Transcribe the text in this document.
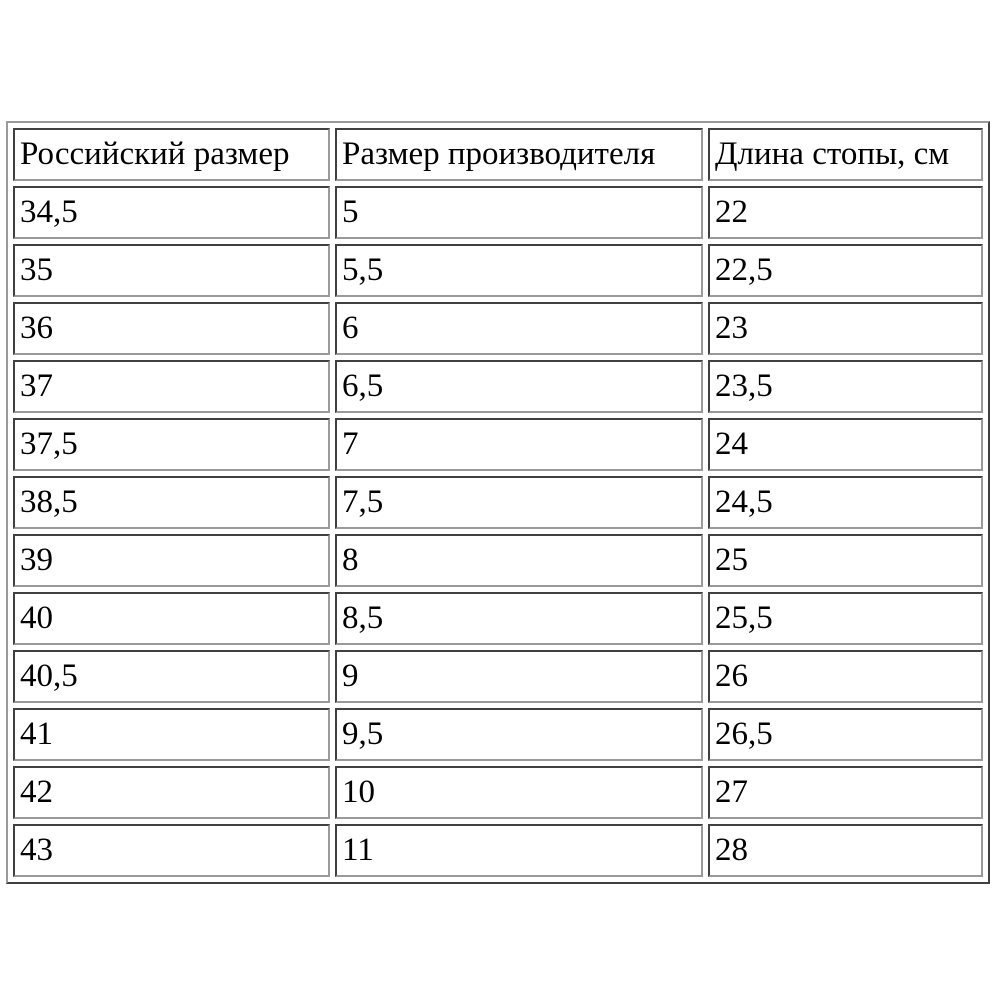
Российский размер	Размер производителя	Длина стопы, см
34,5	5	22
35	5,5	22,5
36	6	23
37	6,5	23,5
37,5	7	24
38,5	7,5	24,5
39	8	25
40	8,5	25,5
40,5	9	26
41	9,5	26,5
42	10	27
43	11	28
